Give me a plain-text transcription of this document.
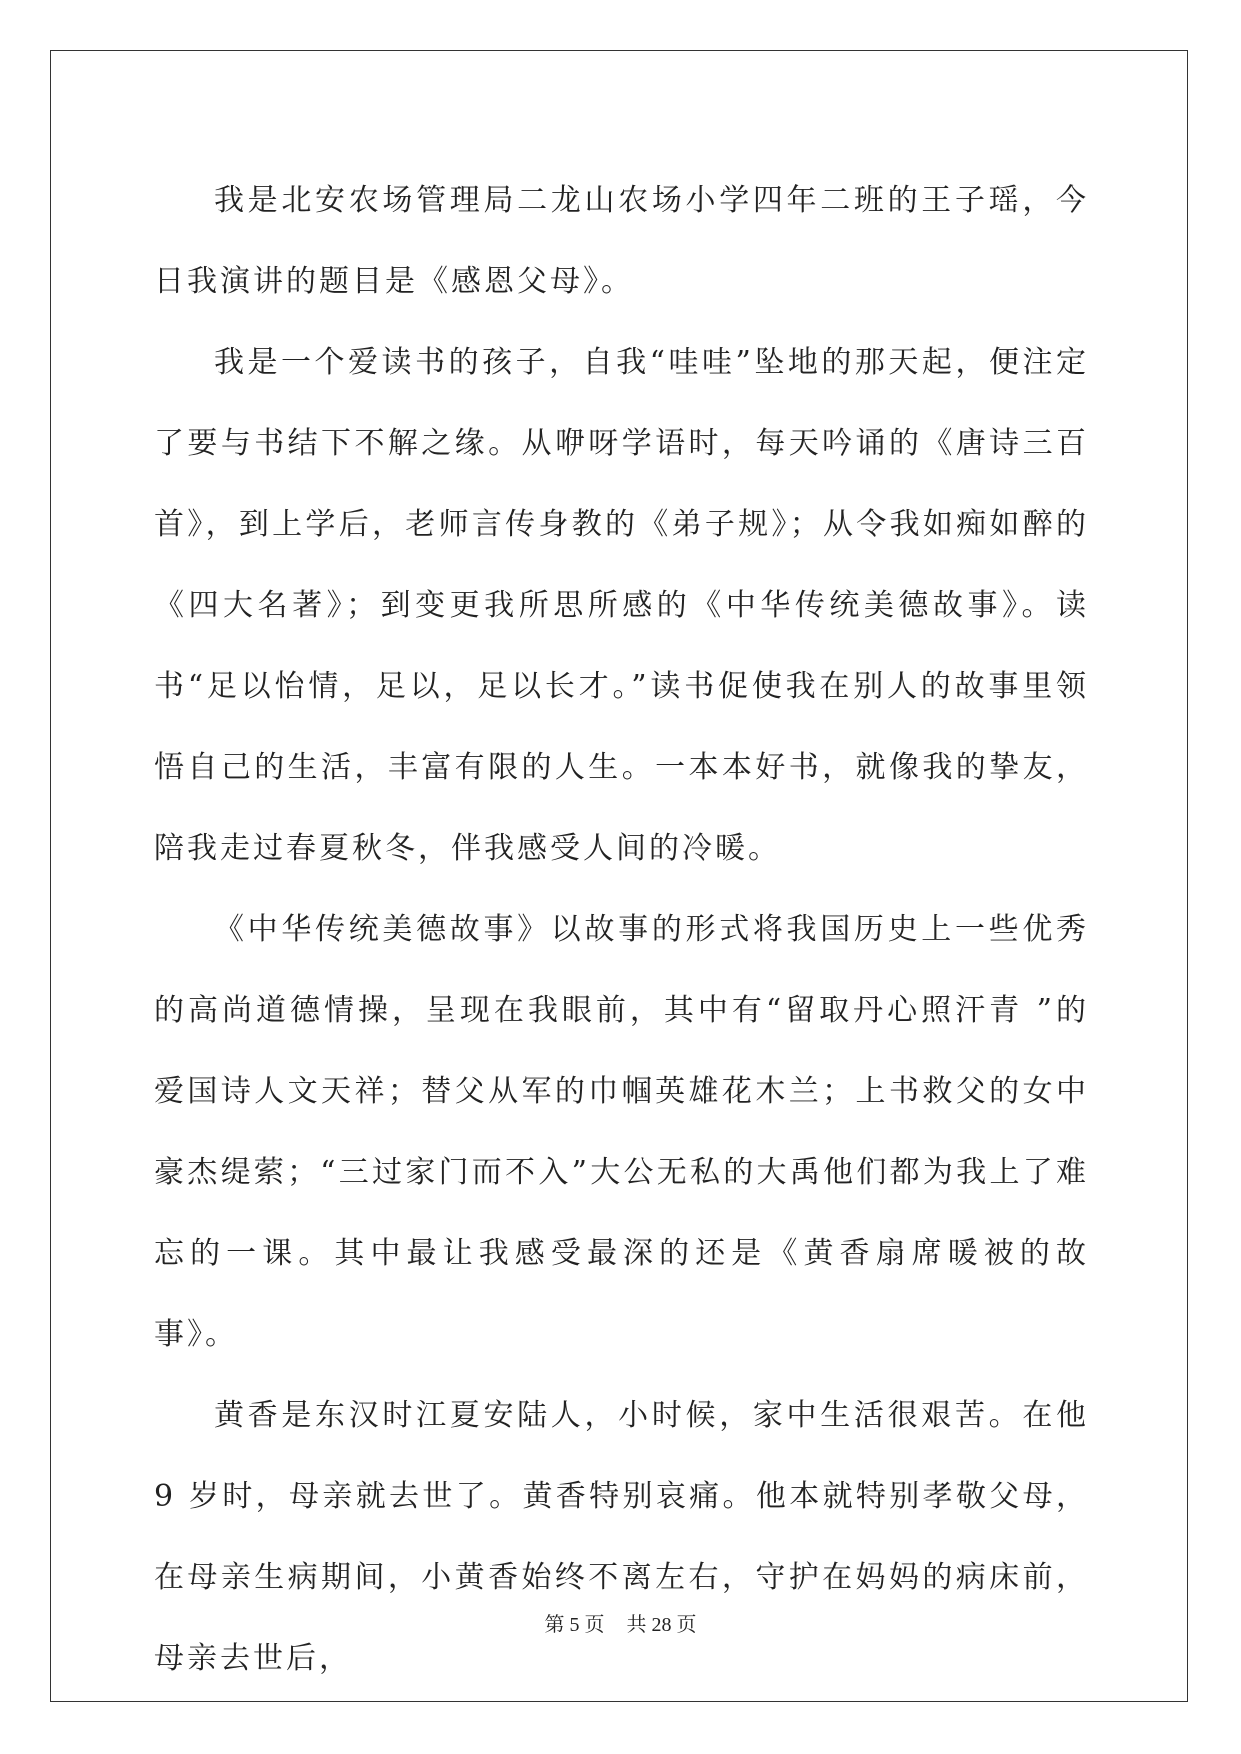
我是北安农场管理局二龙山农场小学四年二班的王子瑶，今日我演讲的题目是《感恩父母》。

我是一个爱读书的孩子，自我“哇哇”坠地的那天起，便注定了要与书结下不解之缘。从咿呀学语时，每天吟诵的《唐诗三百首》，到上学后，老师言传身教的《弟子规》；从令我如痴如醉的《四大名著》；到变更我所思所感的《中华传统美德故事》。读书“足以怡情，足以，足以长才。”读书促使我在别人的故事里领悟自己的生活，丰富有限的人生。一本本好书，就像我的挚友，陪我走过春夏秋冬，伴我感受人间的冷暖。

《中华传统美德故事》以故事的形式将我国历史上一些优秀的高尚道德情操，呈现在我眼前，其中有“留取丹心照汗青 ”的爱国诗人文天祥；替父从军的巾帼英雄花木兰；上书救父的女中豪杰缇萦；“三过家门而不入”大公无私的大禹他们都为我上了难忘的一课。其中最让我感受最深的还是《黄香扇席暖被的故事》。

黄香是东汉时江夏安陆人，小时候，家中生活很艰苦。在他 9 岁时，母亲就去世了。黄香特别哀痛。他本就特别孝敬父母，在母亲生病期间，小黄香始终不离左右，守护在妈妈的病床前，母亲去世后，

第 5 页 共 28 页
